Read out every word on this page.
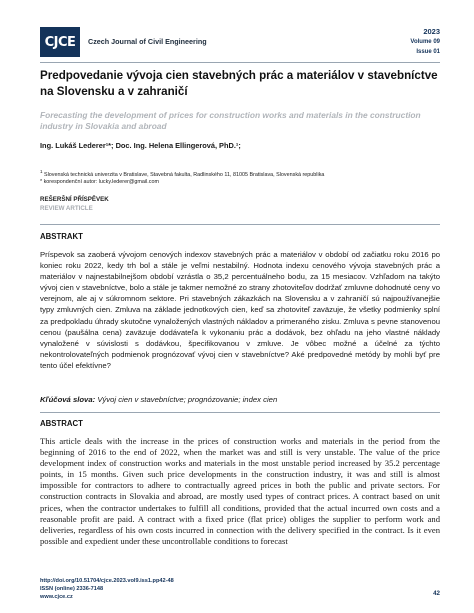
CJCE	Czech Journal of Civil Engineering
2023
Volume 09
Issue 01
Predpovedanie vývoja cien stavebných prác a materiálov v stavebníctve na Slovensku a v zahraničí
Forecasting the development of prices for construction works and materials in the construction industry in Slovakia and abroad
Ing. Lukáš Lederer¹*; Doc. Ing. Helena Ellingerová, PhD.¹;
$^1$ Slovenská technická univerzita v Bratislave, Stavebná fakulta, Radlinského 11, 81005 Bratislava, Slovenská republika
* korespondenční autor: lucky.lederer@gmail.com
REŠERŠNÍ PŘÍSPĚVEK
REVIEW ARTICLE
ABSTRAKT
Príspevok sa zaoberá vývojom cenových indexov stavebných prác a materiálov v období od začiatku roku 2016 po koniec roku 2022, kedy trh bol a stále je veľmi nestabilný. Hodnota indexu cenového vývoja stavebných prác a materiálov v najnestabilnejšom období vzrástla o 35,2 percentuálneho bodu, za 15 mesiacov. Vzhľadom na takýto vývoj cien v stavebníctve, bolo a stále je takmer nemožné zo strany zhotoviteľov dodržať zmluvne dohodnuté ceny vo verejnom, ale aj v súkromnom sektore. Pri stavebných zákazkách na Slovensku a v zahraničí sú najpoužívanejšie typy zmluvných cien. Zmluva na základe jednotkových cien, keď sa zhotoviteľ zaväzuje, že všetky podmienky splní za predpokladu úhrady skutočne vynaložených vlastných nákladov a primeraného zisku. Zmluva s pevne stanovenou cenou (paušálna cena) zaväzuje dodávateľa k vykonaniu prác a dodávok, bez ohľadu na jeho vlastné náklady vynaložené v súvislosti s dodávkou, špecifikovanou v zmluve. Je vôbec možné a účelné za týchto nekontrolovateľných podmienok prognózovať vývoj cien v stavebníctve? Aké predpovedné metódy by mohli byť pre tento účel efektívne?
Kľúčová slova: Vývoj cien v stavebníctve; prognózovanie; index cien
ABSTRACT
This article deals with the increase in the prices of construction works and materials in the period from the beginning of 2016 to the end of 2022, when the market was and still is very unstable. The value of the price development index of construction works and materials in the most unstable period increased by 35.2 percentage points, in 15 months. Given such price developments in the construction industry, it was and still is almost impossible for contractors to adhere to contractually agreed prices in both the public and private sectors. For construction contracts in Slovakia and abroad, are mostly used types of contract prices. A contract based on unit prices, when the contractor undertakes to fulfill all conditions, provided that the actual incurred own costs and a reasonable profit are paid. A contract with a fixed price (flat price) obliges the supplier to perform work and deliveries, regardless of his own costs incurred in connection with the delivery specified in the contract. Is it even possible and expedient under these uncontrollable conditions to forecast
http://doi.org/10.51704/cjce.2023.vol9.iss1.pp42-48
ISSN (online) 2336-7148
www.cjce.cz	42
